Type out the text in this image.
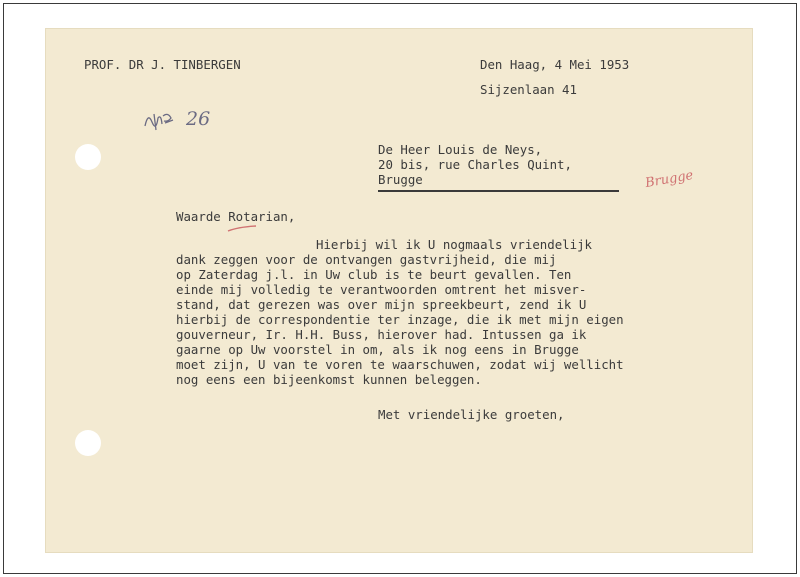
PROF. DR J. TINBERGEN	Den Haag, 4 Mei 1953
Sijzenlaan 41
26
De Heer Louis de Neys,
20 bis, rue Charles Quint,
Brugge	Brugge
Waarde Rotarian,

Hierbij wil ik U nogmaals vriendelijk

dank zeggen voor de ontvangen gastvrijheid, die mij

op Zaterdag j.l. in Uw club is te beurt gevallen. Ten

einde mij volledig te verantwoorden omtrent het misver-

stand, dat gerezen was over mijn spreekbeurt, zend ik U

hierbij de correspondentie ter inzage, die ik met mijn eigen

gouverneur, Ir. H.H. Buss, hierover had. Intussen ga ik

gaarne op Uw voorstel in om, als ik nog eens in Brugge

moet zijn, U van te voren te waarschuwen, zodat wij wellicht

nog eens een bijeenkomst kunnen beleggen.

Met vriendelijke groeten,
